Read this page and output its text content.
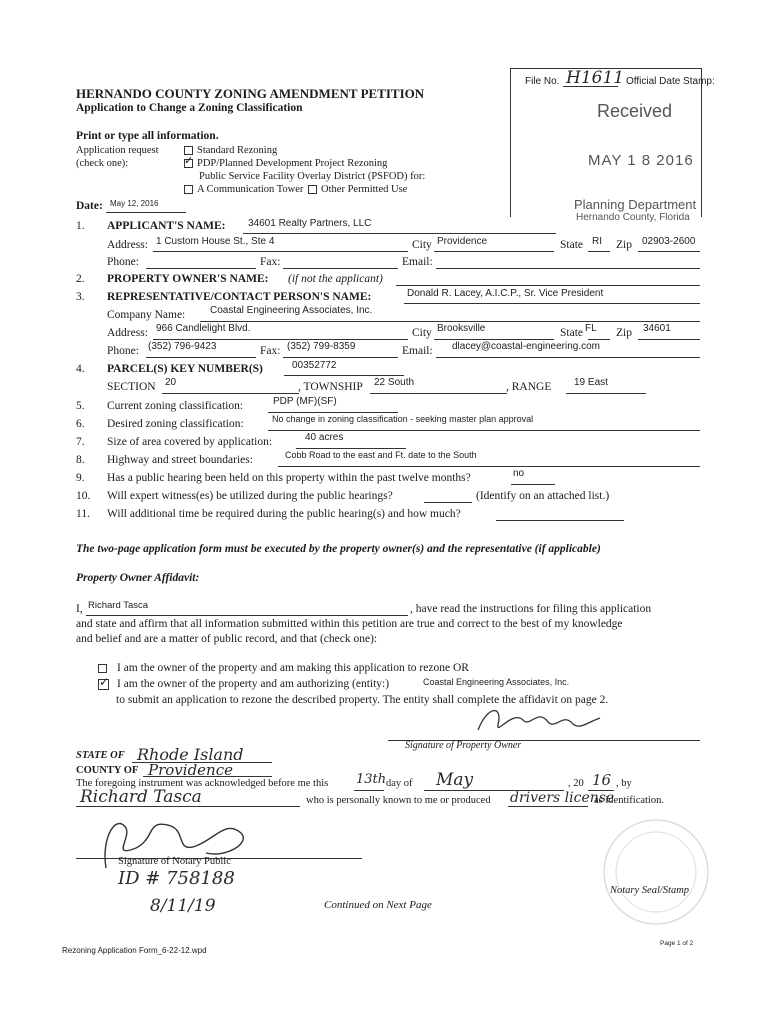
HERNANDO COUNTY ZONING AMENDMENT PETITION
Application to Change a Zoning Classification
Print or type all information.
Application request
(check one):
Standard Rezoning
✓ PDP/Planned Development Project Rezoning
Public Service Facility Overlay District (PSFOD) for:
A Communication Tower Other Permitted Use
File No. H1611 Official Date Stamp:
Received
MAY 1 8 2016
Planning Department
Hernando County, Florida
Date: May 12, 2016
1. APPLICANT'S NAME: 34601 Realty Partners, LLC
Address: 1 Custom House St., Ste 4	City Providence	State RI Zip 02903-2600
Phone:	Fax:	Email:
2. PROPERTY OWNER'S NAME: (if not the applicant)
3. REPRESENTATIVE/CONTACT PERSON'S NAME:	Donald R. Lacey, A.I.C.P., Sr. Vice President
Company Name: Coastal Engineering Associates, Inc.
Address: 966 Candlelight Blvd.	City Brooksville	State FL Zip 34601
Phone: (352) 796-9423	Fax: (352) 799-8359	Email: dlacey@coastal-engineering.com
4. PARCEL(S) KEY NUMBER(S)	00352772
SECTION 20	, TOWNSHIP 22 South	, RANGE 19 East
5. Current zoning classification:	PDP (MF)(SF)
6. Desired zoning classification:	No change in zoning classification - seeking master plan approval
7. Size of area covered by application:	40 acres
8. Highway and street boundaries:	Cobb Road to the east and Ft. date to the South
9. Has a public hearing been held on this property within the past twelve months?	no
10. Will expert witness(es) be utilized during the public hearings?	(Identify on an attached list.)
11. Will additional time be required during the public hearing(s) and how much?
The two-page application form must be executed by the property owner(s) and the representative (if applicable)
Property Owner Affidavit:
I, Richard Tasca	, have read the instructions for filing this application
and state and affirm that all information submitted within this petition are true and correct to the best of my knowledge
and belief and are a matter of public record, and that (check one):
I am the owner of the property and am making this application to rezone OR
✓ I am the owner of the property and am authorizing (entity:)	Coastal Engineering Associates, Inc.
to submit an application to rezone the described property. The entity shall complete the affidavit on page 2.
Signature of Property Owner
STATE OF Rhode Island
COUNTY OF Providence
The foregoing instrument was acknowledged before me this 13th day of May	, 20 16 , by
Richard Tasca	who is personally known to me or produced drivers license
as identification.
Signature of Notary Public
ID # 758188
8/11/19
Notary Seal/Stamp
Continued on Next Page
Rezoning Application Form_6-22-12.wpd
Page 1 of 2
